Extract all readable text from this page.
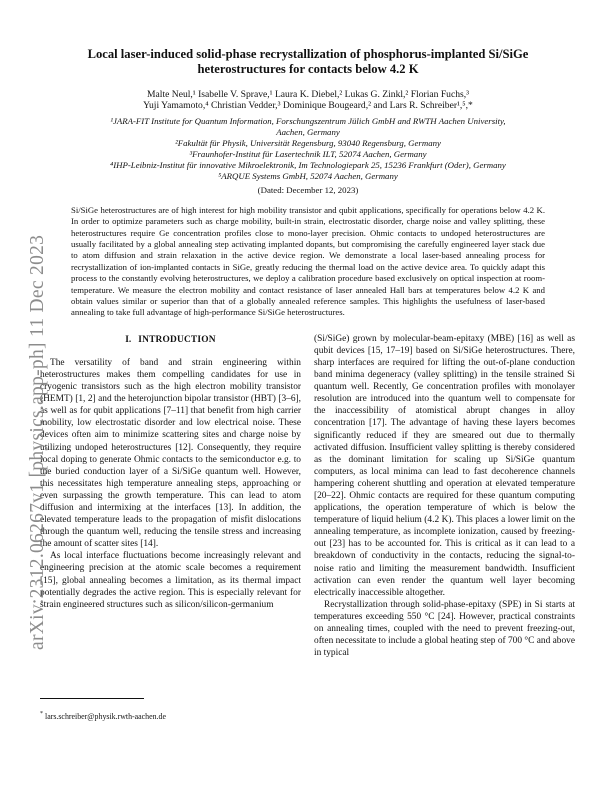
arXiv:2312.06267v1 [physics.app-ph] 11 Dec 2023
Local laser-induced solid-phase recrystallization of phosphorus-implanted Si/SiGe heterostructures for contacts below 4.2 K
Malte Neul,¹ Isabelle V. Sprave,¹ Laura K. Diebel,² Lukas G. Zinkl,² Florian Fuchs,³
Yuji Yamamoto,⁴ Christian Vedder,³ Dominique Bougeard,² and Lars R. Schreiber¹,⁵,*
¹JARA-FIT Institute for Quantum Information, Forschungszentrum Jülich GmbH and RWTH Aachen University, Aachen, Germany
²Fakultät für Physik, Universität Regensburg, 93040 Regensburg, Germany
³Fraunhofer-Institut für Lasertechnik ILT, 52074 Aachen, Germany
⁴IHP-Leibniz-Institut für innovative Mikroelektronik, Im Technologiepark 25, 15236 Frankfurt (Oder), Germany
⁵ARQUE Systems GmbH, 52074 Aachen, Germany
(Dated: December 12, 2023)
Si/SiGe heterostructures are of high interest for high mobility transistor and qubit applications, specifically for operations below 4.2 K. In order to optimize parameters such as charge mobility, built-in strain, electrostatic disorder, charge noise and valley splitting, these heterostructures require Ge concentration profiles close to mono-layer precision. Ohmic contacts to undoped heterostructures are usually facilitated by a global annealing step activating implanted dopants, but compromising the carefully engineered layer stack due to atom diffusion and strain relaxation in the active device region. We demonstrate a local laser-based annealing process for recrystallization of ion-implanted contacts in SiGe, greatly reducing the thermal load on the active device area. To quickly adapt this process to the constantly evolving heterostructures, we deploy a calibration procedure based exclusively on optical inspection at room-temperature. We measure the electron mobility and contact resistance of laser annealed Hall bars at temperatures below 4.2 K and obtain values similar or superior than that of a globally annealed reference samples. This highlights the usefulness of laser-based annealing to take full advantage of high-performance Si/SiGe heterostructures.
I. INTRODUCTION

The versatility of band and strain engineering within heterostructures makes them compelling candidates for use in cryogenic transistors such as the high electron mobility transistor (HEMT) [1, 2] and the heterojunction bipolar transistor (HBT) [3–6], as well as for qubit applications [7–11] that benefit from high carrier mobility, low electrostatic disorder and low electrical noise. These devices often aim to minimize scattering sites and charge noise by utilizing undoped heterostructures [12]. Consequently, they require local doping to generate Ohmic contacts to the semiconductor e.g. to the buried conduction layer of a Si/SiGe quantum well. However, this necessitates high temperature annealing steps, approaching or even surpassing the growth temperature. This can lead to atom diffusion and intermixing at the interfaces [13]. In addition, the elevated temperature leads to the propagation of misfit dislocations through the quantum well, reducing the tensile stress and increasing the amount of scatter sites [14].

As local interface fluctuations become increasingly relevant and engineering precision at the atomic scale becomes a requirement [15], global annealing becomes a limitation, as its thermal impact potentially degrades the active region. This is especially relevant for strain engineered structures such as silicon/silicon-germanium

(Si/SiGe) grown by molecular-beam-epitaxy (MBE) [16] as well as qubit devices [15, 17–19] based on Si/SiGe heterostructures. There, sharp interfaces are required for lifting the out-of-plane conduction band minima degeneracy (valley splitting) in the tensile strained Si quantum well. Recently, Ge concentration profiles with monolayer resolution are introduced into the quantum well to compensate for the inaccessibility of atomistical abrupt changes in alloy concentration [17]. The advantage of having these layers becomes significantly reduced if they are smeared out due to thermally activated diffusion. Insufficient valley splitting is thereby considered as the dominant limitation for scaling up Si/SiGe quantum computers, as local minima can lead to fast decoherence channels hampering coherent shuttling and operation at elevated temperature [20–22]. Ohmic contacts are required for these quantum computing applications, the operation temperature of which is below the temperature of liquid helium (4.2 K). This places a lower limit on the annealing temperature, as incomplete ionization, caused by freezing-out [23] has to be accounted for. This is critical as it can lead to a breakdown of conductivity in the contacts, reducing the signal-to-noise ratio and limiting the measurement bandwidth. Insufficient activation can even render the quantum well layer becoming electrically inaccessible altogether.

Recrystallization through solid-phase-epitaxy (SPE) in Si starts at temperatures exceeding 550 °C [24]. However, practical constraints on annealing times, coupled with the need to prevent freezing-out, often necessitate to include a global heating step of 700 °C and above in typical

* lars.schreiber@physik.rwth-aachen.de
